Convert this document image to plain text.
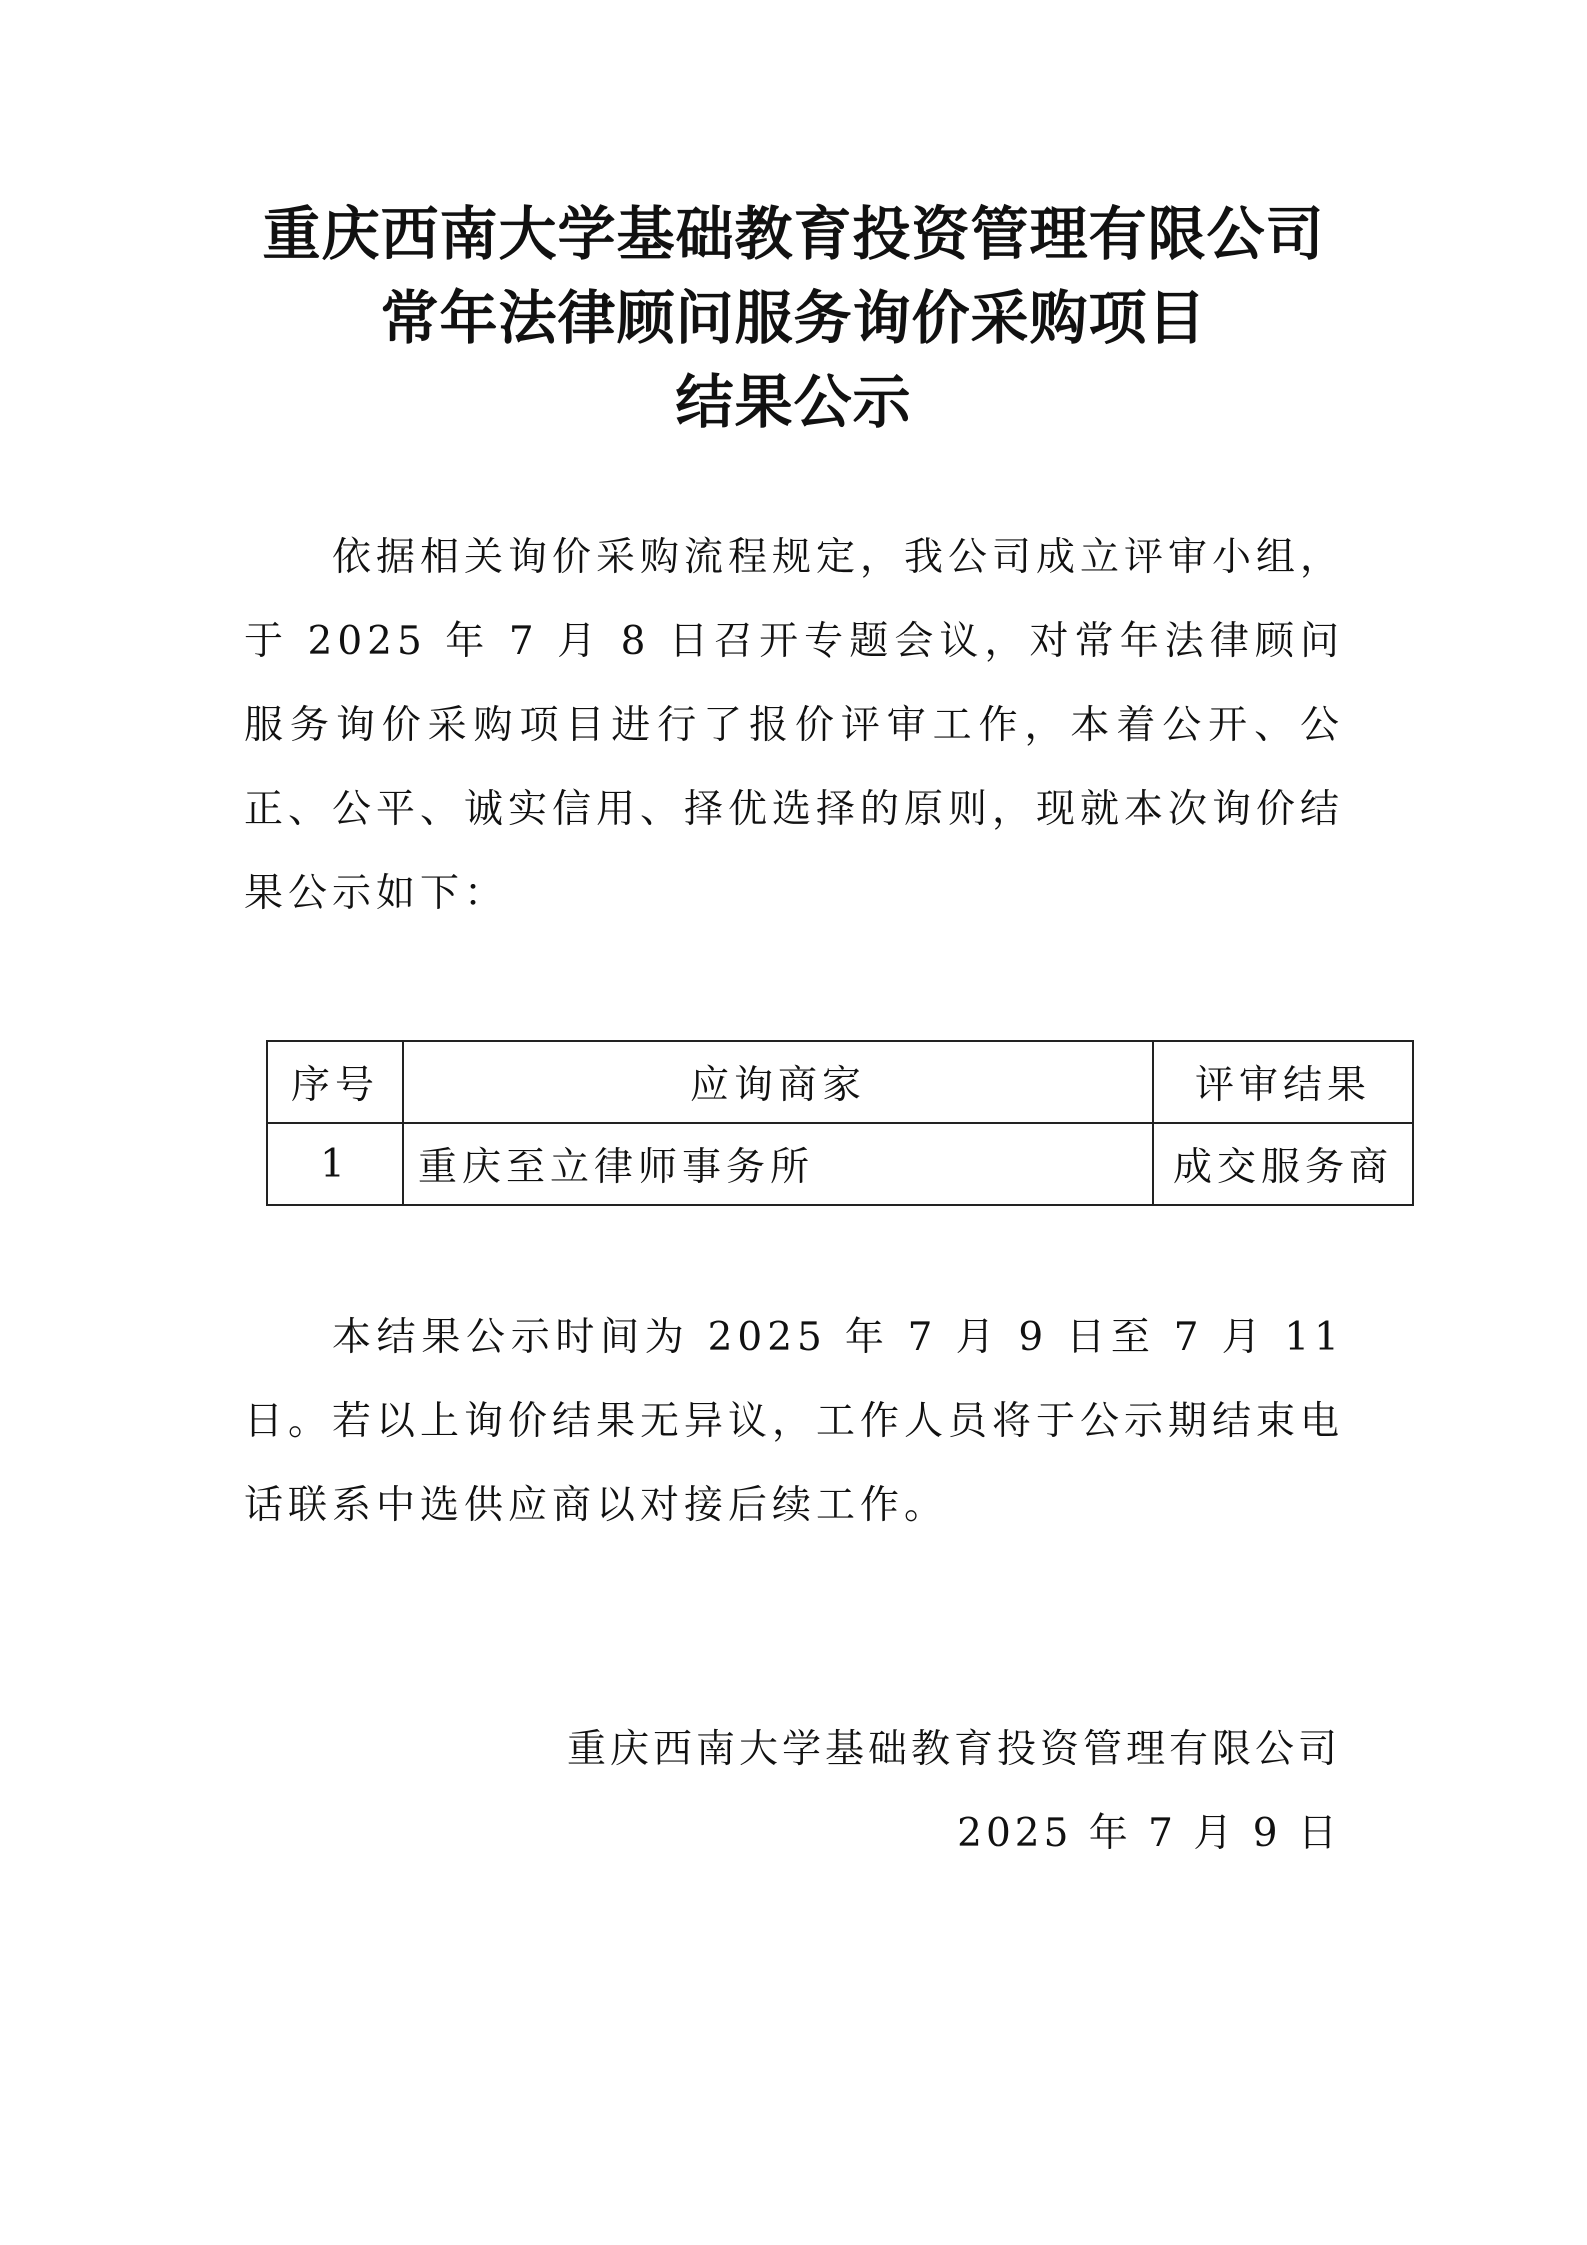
重庆西南大学基础教育投资管理有限公司
常年法律顾问服务询价采购项目
结果公示

依据相关询价采购流程规定，我公司成立评审小组，于 2025 年 7 月 8 日召开专题会议，对常年法律顾问服务询价采购项目进行了报价评审工作，本着公开、公正、公平、诚实信用、择优选择的原则，现就本次询价结果公示如下：

序号	应询商家	评审结果
1	重庆至立律师事务所	成交服务商

本结果公示时间为 2025 年 7 月 9 日至 7 月 11 日。若以上询价结果无异议，工作人员将于公示期结束电话联系中选供应商以对接后续工作。

重庆西南大学基础教育投资管理有限公司
2025 年 7 月 9 日
